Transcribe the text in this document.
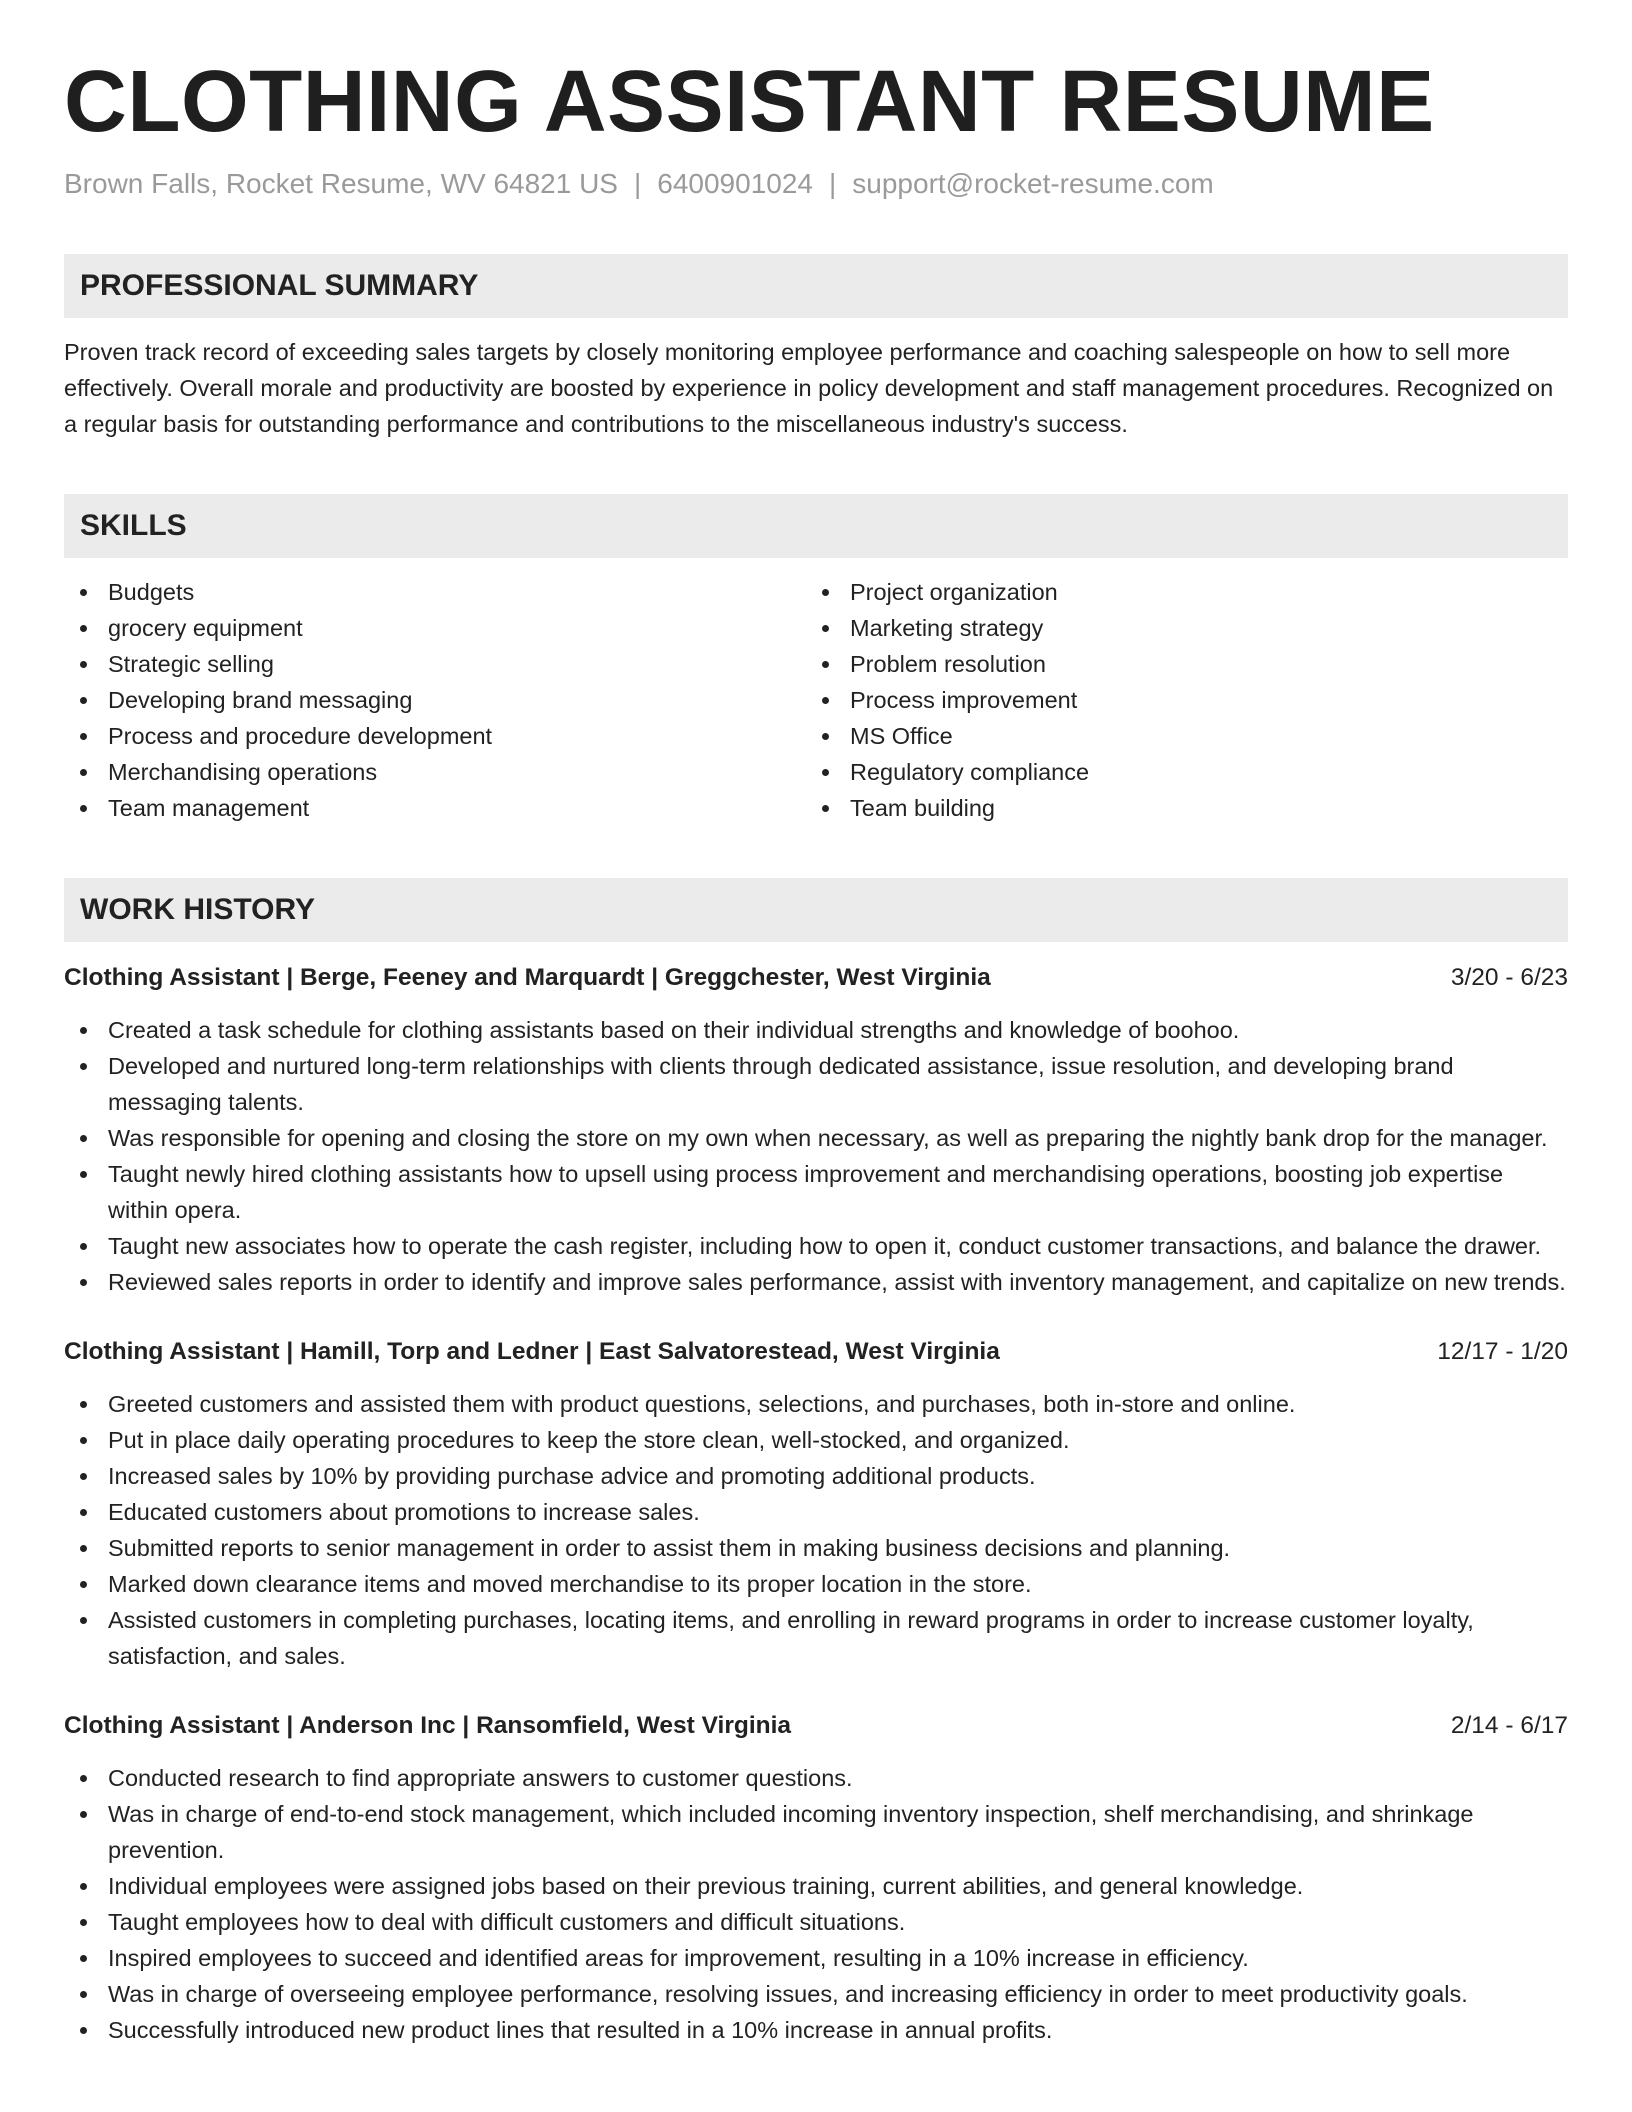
CLOTHING ASSISTANT RESUME
Brown Falls, Rocket Resume, WV 64821 US | 6400901024 | support@rocket-resume.com
PROFESSIONAL SUMMARY

Proven track record of exceeding sales targets by closely monitoring employee performance and coaching salespeople on how to sell more effectively. Overall morale and productivity are boosted by experience in policy development and staff management procedures. Recognized on a regular basis for outstanding performance and contributions to the miscellaneous industry's success.

SKILLS
Budgets
grocery equipment
Strategic selling
Developing brand messaging
Process and procedure development
Merchandising operations
Team management
Project organization
Marketing strategy
Problem resolution
Process improvement
MS Office
Regulatory compliance
Team building
WORK HISTORY
Clothing Assistant | Berge, Feeney and Marquardt | Greggchester, West Virginia	3/20 - 6/23
Created a task schedule for clothing assistants based on their individual strengths and knowledge of boohoo.
Developed and nurtured long-term relationships with clients through dedicated assistance, issue resolution, and developing brand messaging talents.
Was responsible for opening and closing the store on my own when necessary, as well as preparing the nightly bank drop for the manager.
Taught newly hired clothing assistants how to upsell using process improvement and merchandising operations, boosting job expertise within opera.
Taught new associates how to operate the cash register, including how to open it, conduct customer transactions, and balance the drawer.
Reviewed sales reports in order to identify and improve sales performance, assist with inventory management, and capitalize on new trends.
Clothing Assistant | Hamill, Torp and Ledner | East Salvatorestead, West Virginia	12/17 - 1/20
Greeted customers and assisted them with product questions, selections, and purchases, both in-store and online.
Put in place daily operating procedures to keep the store clean, well-stocked, and organized.
Increased sales by 10% by providing purchase advice and promoting additional products.
Educated customers about promotions to increase sales.
Submitted reports to senior management in order to assist them in making business decisions and planning.
Marked down clearance items and moved merchandise to its proper location in the store.
Assisted customers in completing purchases, locating items, and enrolling in reward programs in order to increase customer loyalty, satisfaction, and sales.
Clothing Assistant | Anderson Inc | Ransomfield, West Virginia	2/14 - 6/17
Conducted research to find appropriate answers to customer questions.
Was in charge of end-to-end stock management, which included incoming inventory inspection, shelf merchandising, and shrinkage prevention.
Individual employees were assigned jobs based on their previous training, current abilities, and general knowledge.
Taught employees how to deal with difficult customers and difficult situations.
Inspired employees to succeed and identified areas for improvement, resulting in a 10% increase in efficiency.
Was in charge of overseeing employee performance, resolving issues, and increasing efficiency in order to meet productivity goals.
Successfully introduced new product lines that resulted in a 10% increase in annual profits.
